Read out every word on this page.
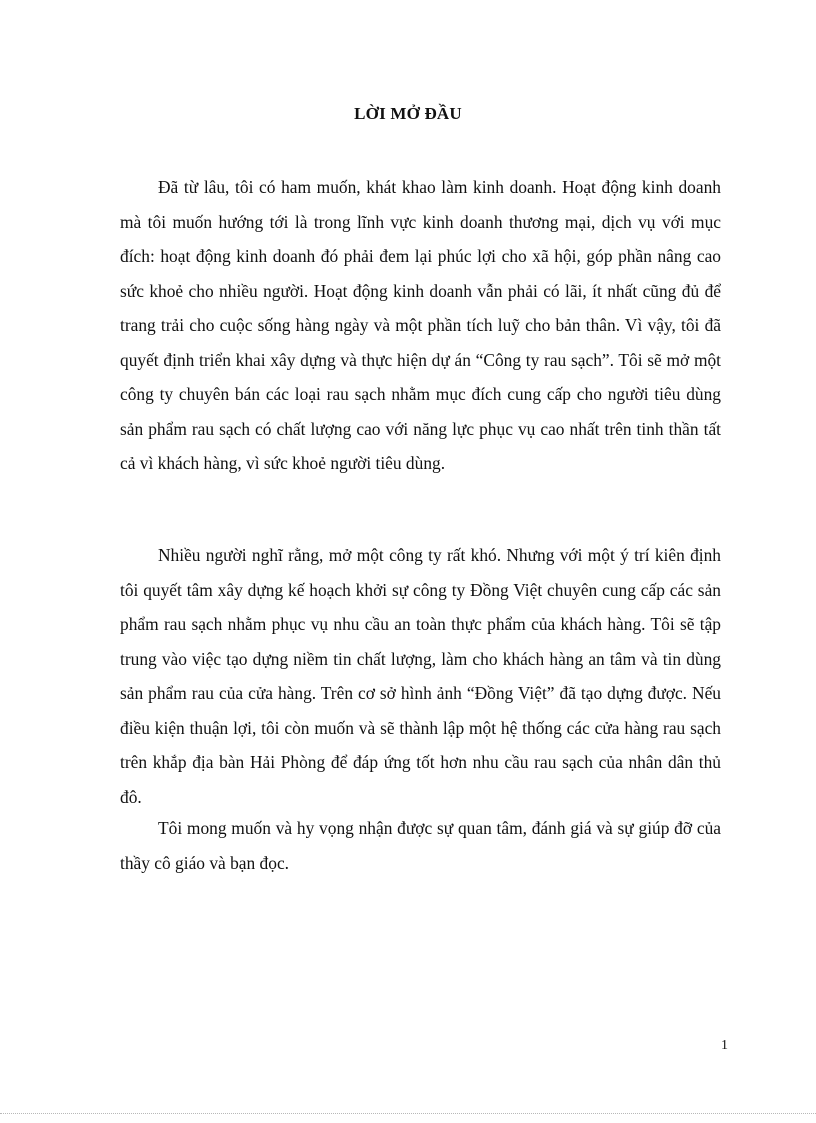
LỜI MỞ ĐẦU

Đã từ lâu, tôi có ham muốn, khát khao làm kinh doanh. Hoạt động kinh doanh mà tôi muốn hướng tới là trong lĩnh vực kinh doanh thương mại, dịch vụ với mục đích: hoạt động kinh doanh đó phải đem lại phúc lợi cho xã hội, góp phần nâng cao sức khoẻ cho nhiều người. Hoạt động kinh doanh vẫn phải có lãi, ít nhất cũng đủ để trang trải cho cuộc sống hàng ngày và một phần tích luỹ cho bản thân. Vì vậy, tôi đã quyết định triển khai xây dựng và thực hiện dự án “Công ty rau sạch”. Tôi sẽ mở một công ty chuyên bán các loại rau sạch nhằm mục đích cung cấp cho người tiêu dùng sản phẩm rau sạch có chất lượng cao với năng lực phục vụ cao nhất trên tinh thần tất cả vì khách hàng, vì sức khoẻ người tiêu dùng.

Nhiều người nghĩ rằng, mở một công ty rất khó. Nhưng với một ý trí kiên định tôi quyết tâm xây dựng kế hoạch khởi sự công ty Đồng Việt chuyên cung cấp các sản phẩm rau sạch nhằm phục vụ nhu cầu an toàn thực phẩm của khách hàng. Tôi sẽ tập trung vào việc tạo dựng niềm tin chất lượng, làm cho khách hàng an tâm và tin dùng sản phẩm rau của cửa hàng. Trên cơ sở hình ảnh “Đồng Việt” đã tạo dựng được. Nếu điều kiện thuận lợi, tôi còn muốn và sẽ thành lập một hệ thống các cửa hàng rau sạch trên khắp địa bàn Hải Phòng để đáp ứng tốt hơn nhu cầu rau sạch của nhân dân thủ đô.

Tôi mong muốn và hy vọng nhận được sự quan tâm, đánh giá và sự giúp đỡ của thầy cô giáo và bạn đọc.

1
